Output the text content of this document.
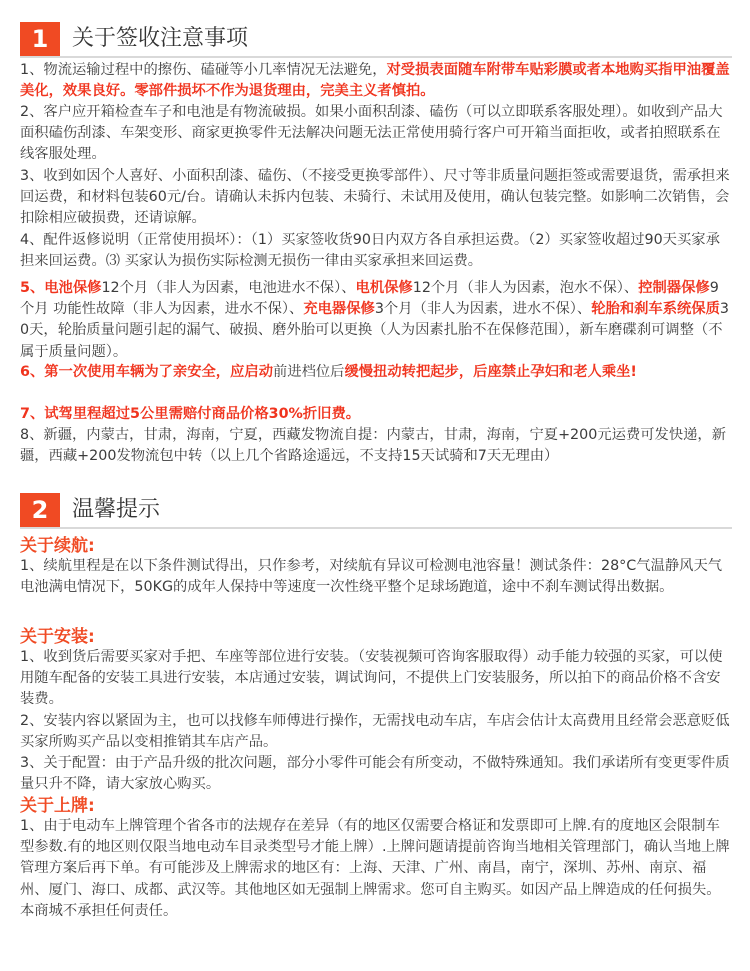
1	关于签收注意事项
1、物流运输过程中的擦伤、磕碰等小几率情况无法避免，对受损表面随车附带车贴彩膜或者本地购买指甲油覆盖美化，效果良好。零部件损坏不作为退货理由，完美主义者慎拍。
2、客户应开箱检查车子和电池是有物流破损。如果小面积刮漆、磕伤（可以立即联系客服处理）。如收到产品大面积磕伤刮漆、车架变形、商家更换零件无法解决问题无法正常使用骑行客户可开箱当面拒收，或者拍照联系在线客服处理。
3、收到如因个人喜好、小面积刮漆、磕伤、（不接受更换零部件）、尺寸等非质量问题拒签或需要退货，需承担来回运费，和材料包装60元/台。请确认未拆内包装、未骑行、未试用及使用，确认包装完整。如影响二次销售，会扣除相应破损费，还请谅解。
4、配件返修说明（正常使用损坏）：（1）买家签收货90日内双方各自承担运费。（2）买家签收超过90天买家承担来回运费。⑶ 买家认为损伤实际检测无损伤一律由买家承担来回运费。
5、电池保修12个月（非人为因素，电池进水不保）、电机保修12个月（非人为因素，泡水不保）、控制器保修9个月 功能性故障（非人为因素，进水不保）、充电器保修3个月（非人为因素，进水不保）、轮胎和刹车系统保质30天，轮胎质量问题引起的漏气、破损、磨外胎可以更换（人为因素扎胎不在保修范围），新车磨碟刹可调整（不属于质量问题）。
6、第一次使用车辆为了亲安全，应启动前进档位后缓慢扭动转把起步，后座禁止孕妇和老人乘坐!
7、试驾里程超过5公里需赔付商品价格30%折旧费。
8、新疆，内蒙古，甘肃，海南，宁夏，西藏发物流自提：内蒙古，甘肃，海南，宁夏+200元运费可发快递，新疆，西藏+200发物流包中转（以上几个省路途遥远，不支持15天试骑和7天无理由）
2	温馨提示
关于续航:
1、续航里程是在以下条件测试得出，只作参考，对续航有异议可检测电池容量！测试条件：28°C气温静风天气电池满电情况下，50KG的成年人保持中等速度一次性绕平整个足球场跑道，途中不刹车测试得出数据。
关于安装:
1、收到货后需要买家对手把、车座等部位进行安装。（安装视频可咨询客服取得）动手能力较强的买家，可以使用随车配备的安装工具进行安装，本店通过安装，调试询问，不提供上门安装服务，所以拍下的商品价格不含安装费。
2、安装内容以紧固为主，也可以找修车师傅进行操作，无需找电动车店，车店会估计太高费用且经常会恶意贬低买家所购买产品以变相推销其车店产品。
3、关于配置：由于产品升级的批次问题，部分小零件可能会有所变动，不做特殊通知。我们承诺所有变更零件质量只升不降，请大家放心购买。
关于上牌:
1、由于电动车上牌管理个省各市的法规存在差异（有的地区仅需要合格证和发票即可上牌.有的度地区会限制车型参数.有的地区则仅限当地电动车目录类型号才能上牌）.上牌问题请提前咨询当地相关管理部门，确认当地上牌管理方案后再下单。有可能涉及上牌需求的地区有：上海、天津、广州、南昌，南宁，深圳、苏州、南京、福州、厦门、海口、成都、武汉等。其他地区如无强制上牌需求。您可自主购买。如因产品上牌造成的任何损失。本商城不承担任何责任。
